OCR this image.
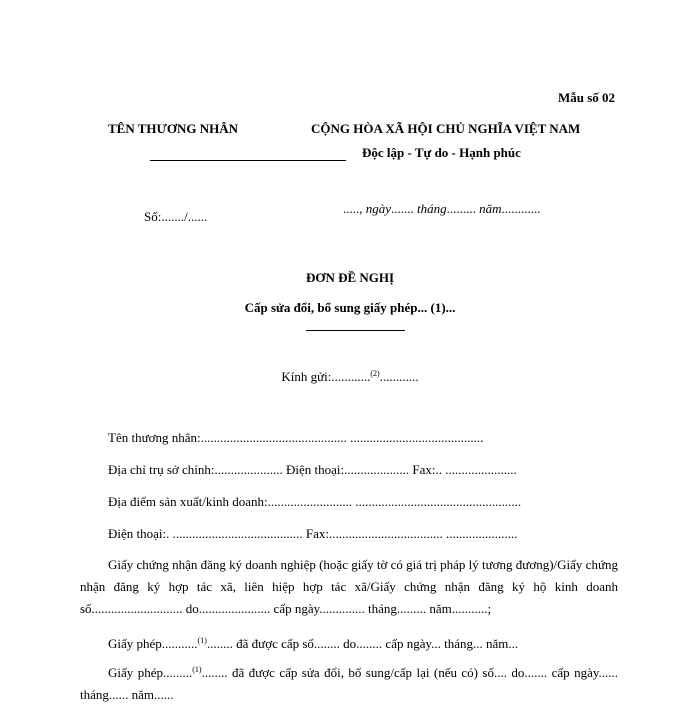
Mẫu số 02
TÊN THƯƠNG NHÂN	CỘNG HÒA XÃ HỘI CHỦ NGHĨA VIỆT NAM
Độc lập - Tự do - Hạnh phúc
Số:......./......
....., ngày....... tháng......... năm............
ĐƠN ĐỀ NGHỊ
Cấp sửa đổi, bổ sung giấy phép... (1)...
Kính gửi:............$^{(2)}$............
Tên thương nhân:............................................. .........................................
Địa chỉ trụ sở chính:..................... Điện thoại:.................... Fax:.. ......................
Địa điểm sản xuất/kinh doanh:.......................... ...................................................
Điện thoại:. ........................................ Fax:................................... ......................
Giấy chứng nhận đăng ký doanh nghiệp (hoặc giấy tờ có giá trị pháp lý tương đương)/Giấy chứng nhận đăng ký hợp tác xã, liên hiệp hợp tác xã/Giấy chứng nhận đăng ký hộ kinh doanh số............................ do...................... cấp ngày.............. tháng......... năm...........;
Giấy phép...........$^{(1)}$........ đã được cấp số........ do........ cấp ngày... tháng... năm...
Giấy phép.........$^{(1)}$........ đã được cấp sửa đổi, bổ sung/cấp lại (nếu có) số.... do....... cấp ngày...... tháng...... năm......
